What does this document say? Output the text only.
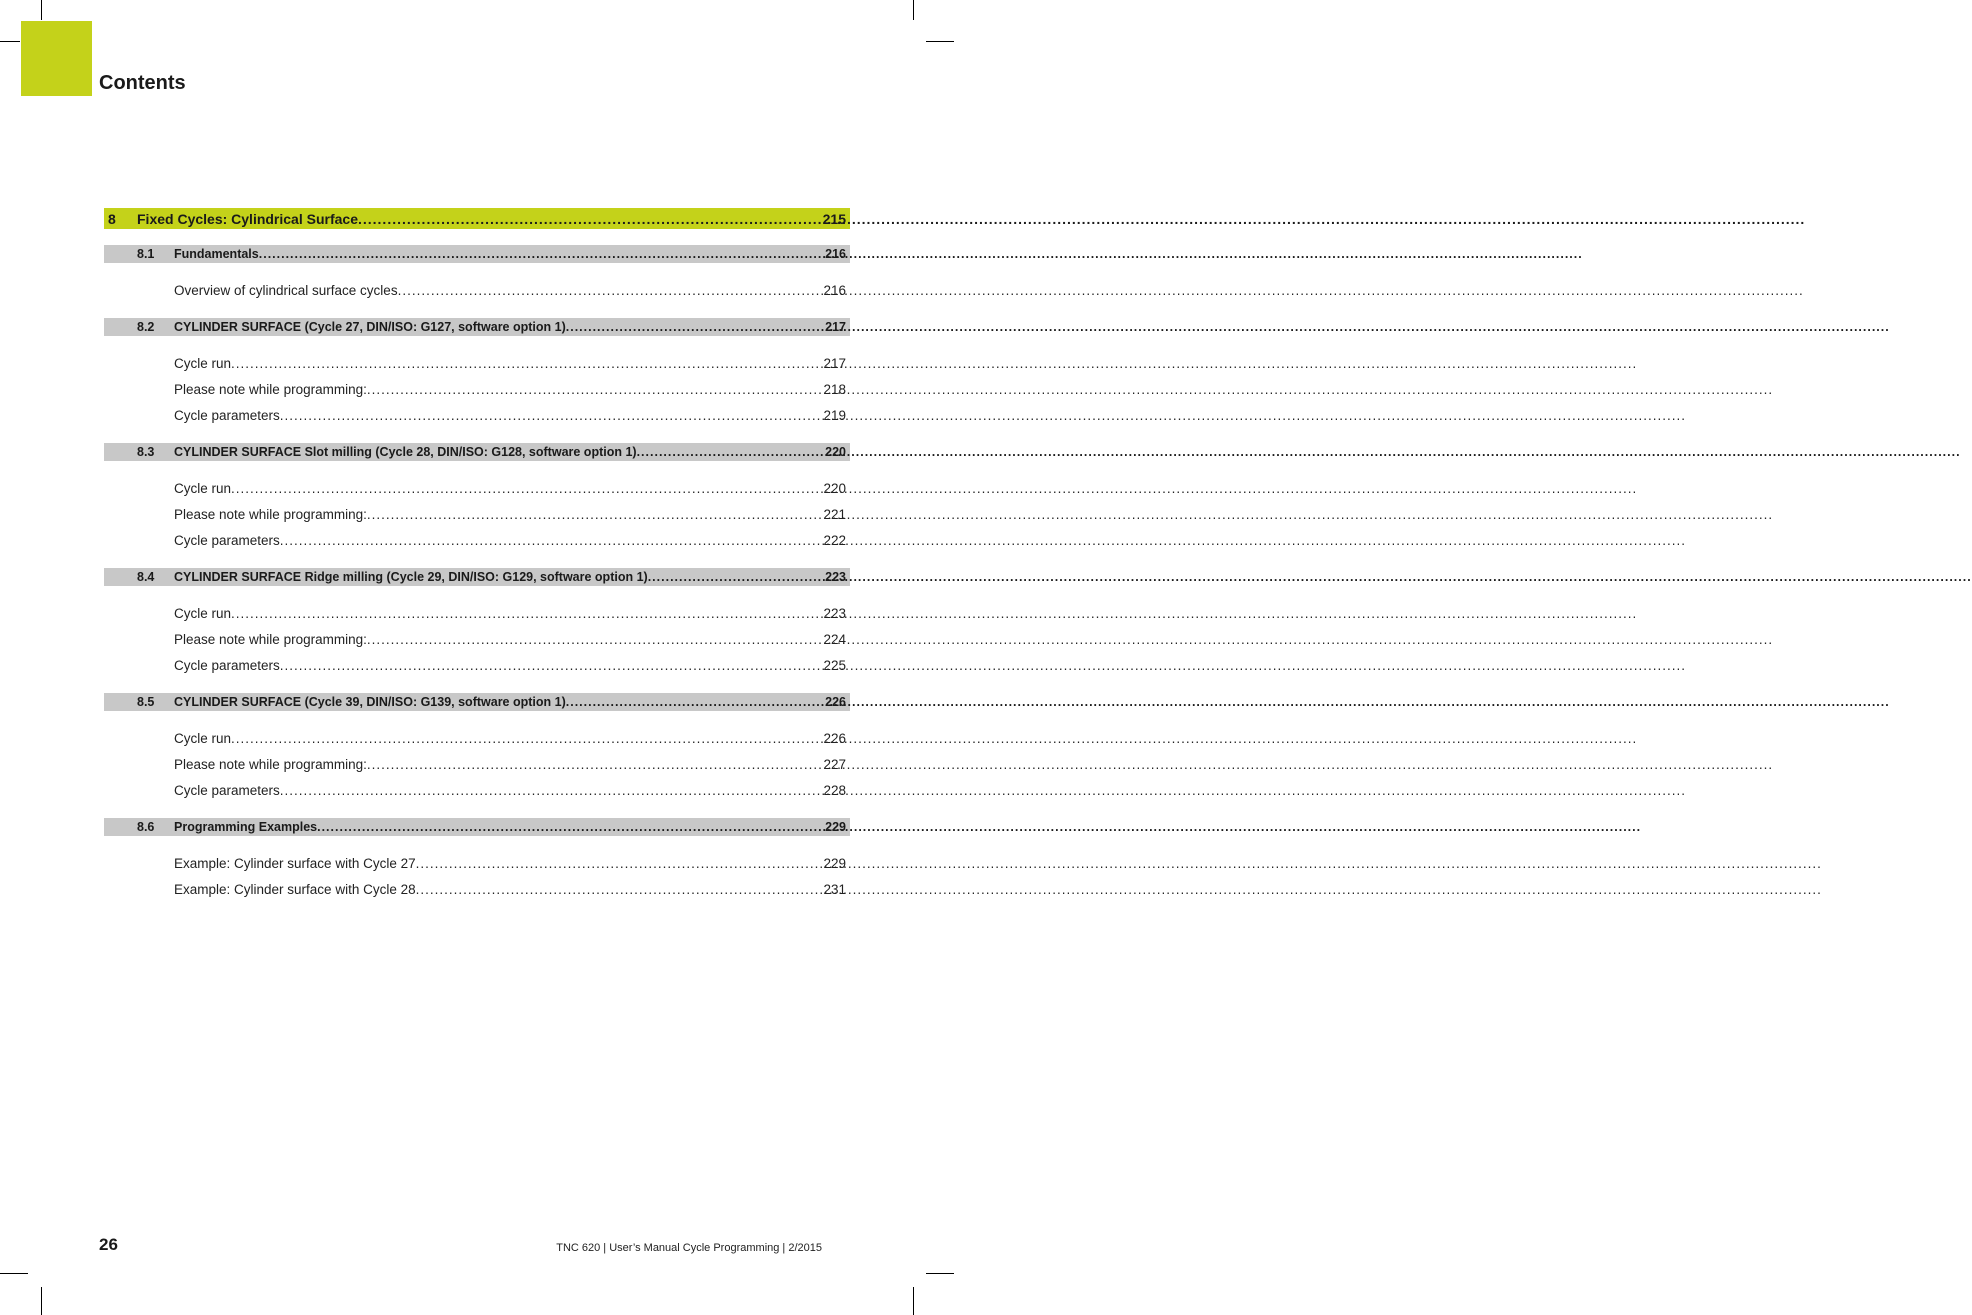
Contents
8	Fixed Cycles: Cylindrical Surface .....	215
8.1	Fundamentals .....	216
Overview of cylindrical surface cycles .....	216
8.2	CYLINDER SURFACE (Cycle 27, DIN/ISO: G127, software option 1) .....	217
Cycle run .....	217
Please note while programming: .....	218
Cycle parameters .....	219
8.3	CYLINDER SURFACE Slot milling (Cycle 28, DIN/ISO: G128, software option 1) .....	220
Cycle run .....	220
Please note while programming: .....	221
Cycle parameters .....	222
8.4	CYLINDER SURFACE Ridge milling (Cycle 29, DIN/ISO: G129, software option 1) .....	223
Cycle run .....	223
Please note while programming: .....	224
Cycle parameters .....	225
8.5	CYLINDER SURFACE (Cycle 39, DIN/ISO: G139, software option 1) .....	226
Cycle run .....	226
Please note while programming: .....	227
Cycle parameters .....	228
8.6	Programming Examples .....	229
Example: Cylinder surface with Cycle 27 .....	229
Example: Cylinder surface with Cycle 28 .....	231
26	TNC 620 | User’s Manual Cycle Programming | 2/2015
